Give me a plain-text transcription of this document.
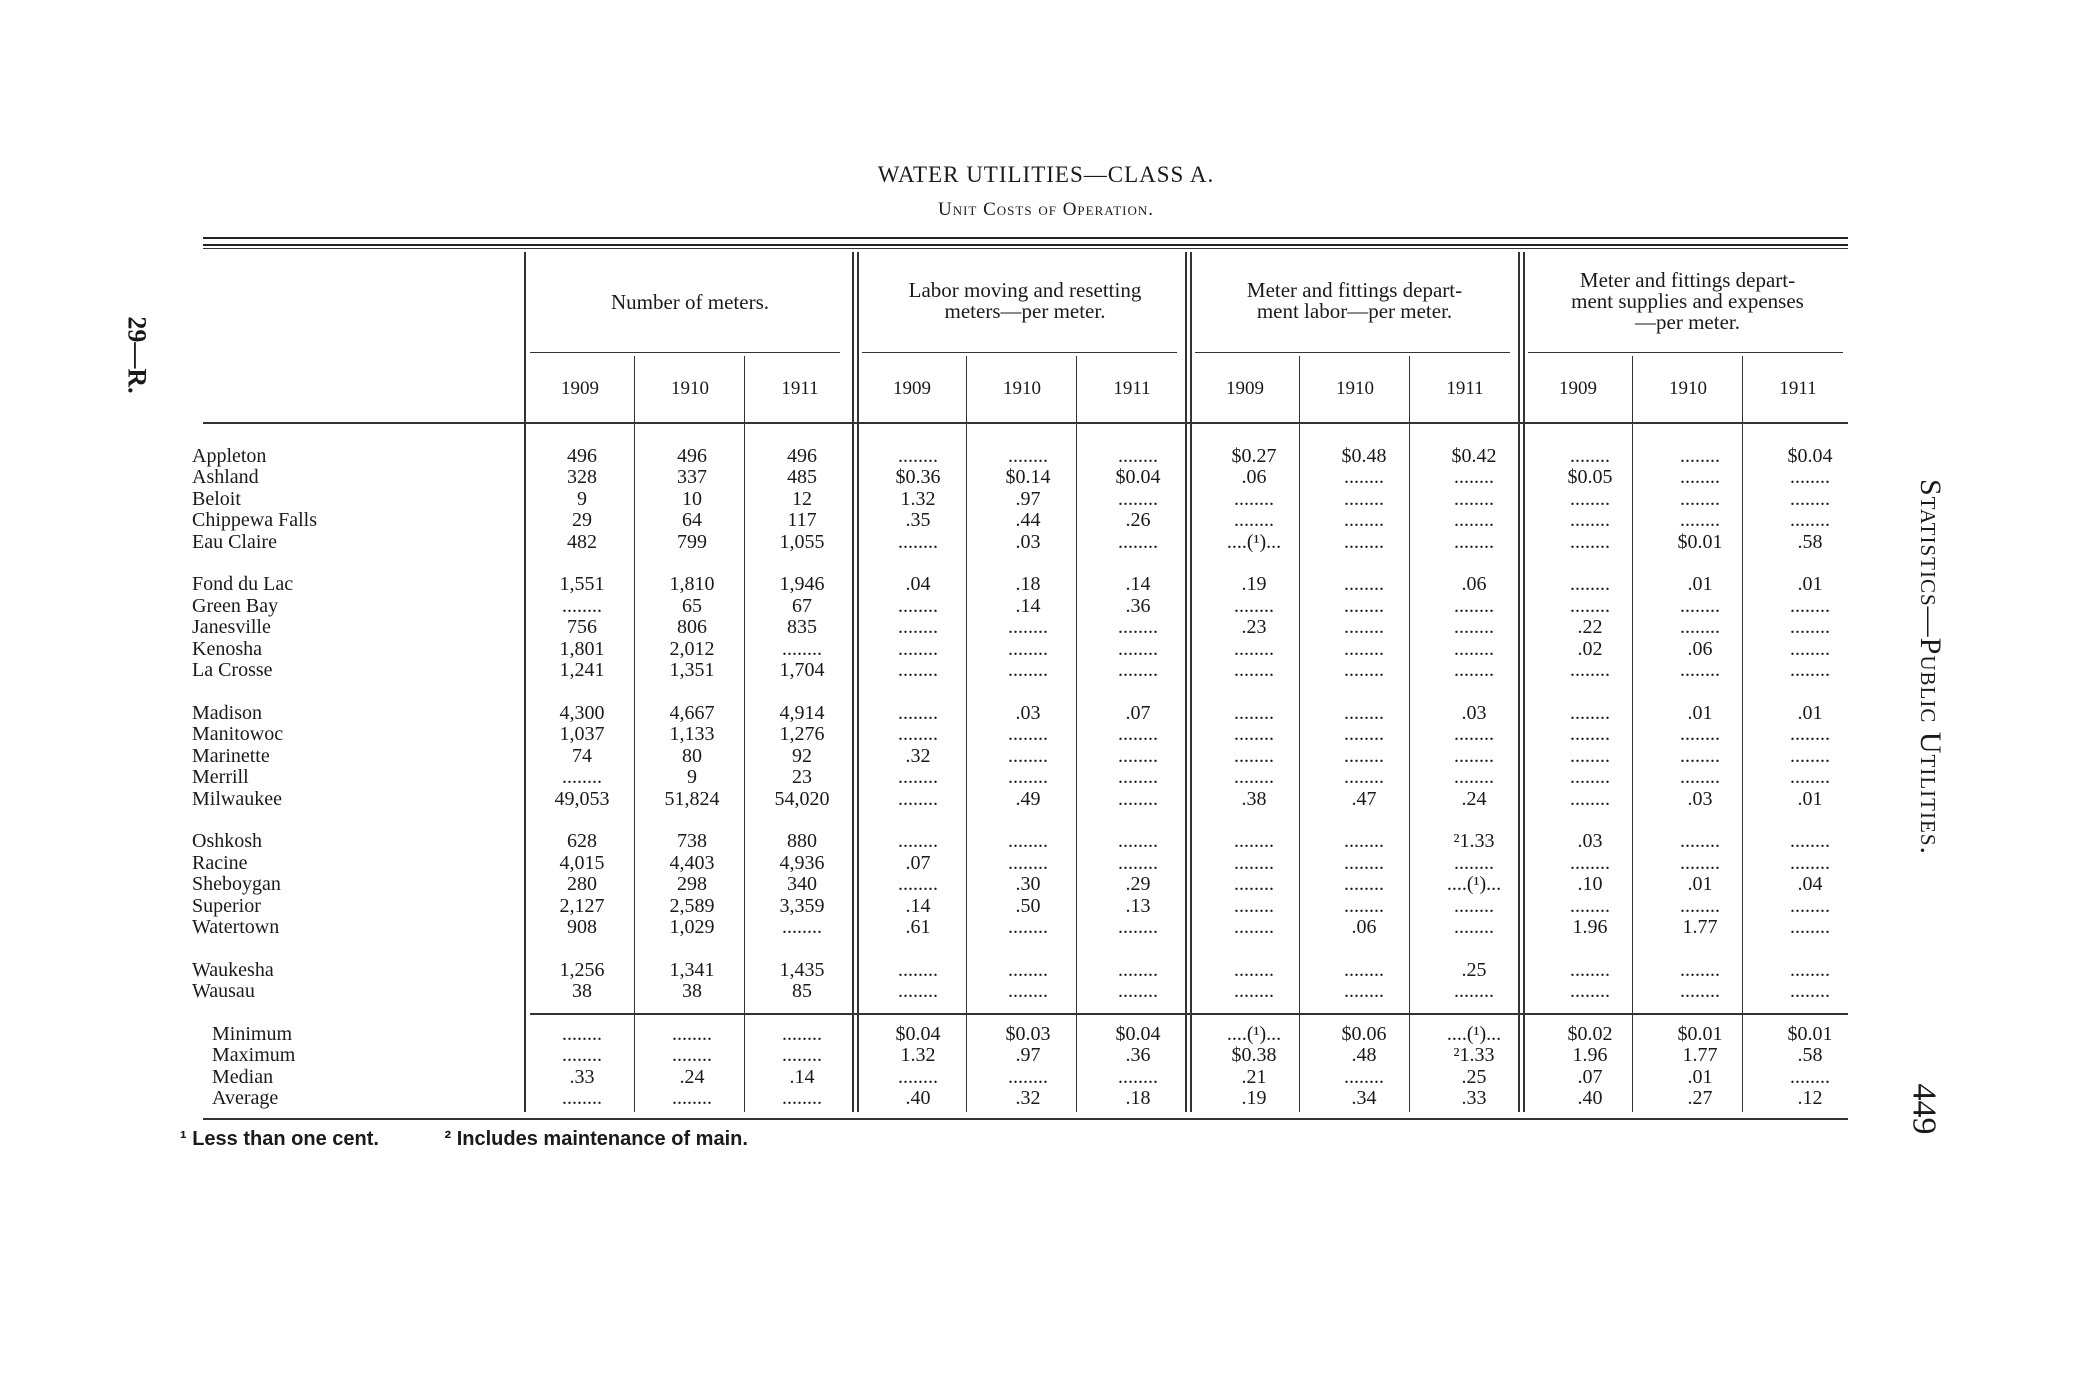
WATER UTILITIES—CLASS A.
Unit Costs of Operation.
29—R.
Statistics—Public Utilities.
449
Number of meters.	Labor moving and resetting
meters—per meter.
Meter and fittings depart-
ment labor—per meter.
Meter and fittings depart-
ment supplies and expenses
—per meter.
1909	1910	1911	1909	1910	1911	1909	1910	1911	1909	1910	1911
Appleton	496	496	496	........	........	........	$0.27	$0.48	$0.42	........	........	$0.04
Ashland	328	337	485	$0.36	$0.14	$0.04	.06	........	........	$0.05	........	........
Beloit	9	10	12	1.32	.97	........	........	........	........	........	........	........
Chippewa Falls	29	64	117	.35	.44	.26	........	........	........	........	........	........
Eau Claire	482	799	1,055	........	.03	........	....(¹)...	........	........	........	$0.01	.58

Fond du Lac	1,551	1,810	1,946	.04	.18	.14	.19	........	.06	........	.01	.01
Green Bay	........	65	67	........	.14	.36	........	........	........	........	........	........
Janesville	756	806	835	........	........	........	.23	........	........	.22	........	........
Kenosha	1,801	2,012	........	........	........	........	........	........	........	.02	.06	........
La Crosse	1,241	1,351	1,704	........	........	........	........	........	........	........	........	........

Madison	4,300	4,667	4,914	........	.03	.07	........	........	.03	........	.01	.01
Manitowoc	1,037	1,133	1,276	........	........	........	........	........	........	........	........	........
Marinette	74	80	92	.32	........	........	........	........	........	........	........	........
Merrill	........	9	23	........	........	........	........	........	........	........	........	........
Milwaukee	49,053	51,824	54,020	........	.49	........	.38	.47	.24	........	.03	.01

Oshkosh	628	738	880	........	........	........	........	........	²1.33	.03	........	........
Racine	4,015	4,403	4,936	.07	........	........	........	........	........	........	........	........
Sheboygan	280	298	340	........	.30	.29	........	........	....(¹)...	.10	.01	.04
Superior	2,127	2,589	3,359	.14	.50	.13	........	........	........	........	........	........
Watertown	908	1,029	........	.61	........	........	........	.06	........	1.96	1.77	........

Waukesha	1,256	1,341	1,435	........	........	........	........	........	.25	........	........	........
Wausau	38	38	85	........	........	........	........	........	........	........	........	........

Minimum	........	........	........	$0.04	$0.03	$0.04	....(¹)...	$0.06	....(¹)...	$0.02	$0.01	$0.01
Maximum	........	........	........	1.32	.97	.36	$0.38	.48	²1.33	1.96	1.77	.58
Median	.33	.24	.14	........	........	........	.21	........	.25	.07	.01	........
Average	........	........	........	.40	.32	.18	.19	.34	.33	.40	.27	.12
¹ Less than one cent.	² Includes maintenance of main.
